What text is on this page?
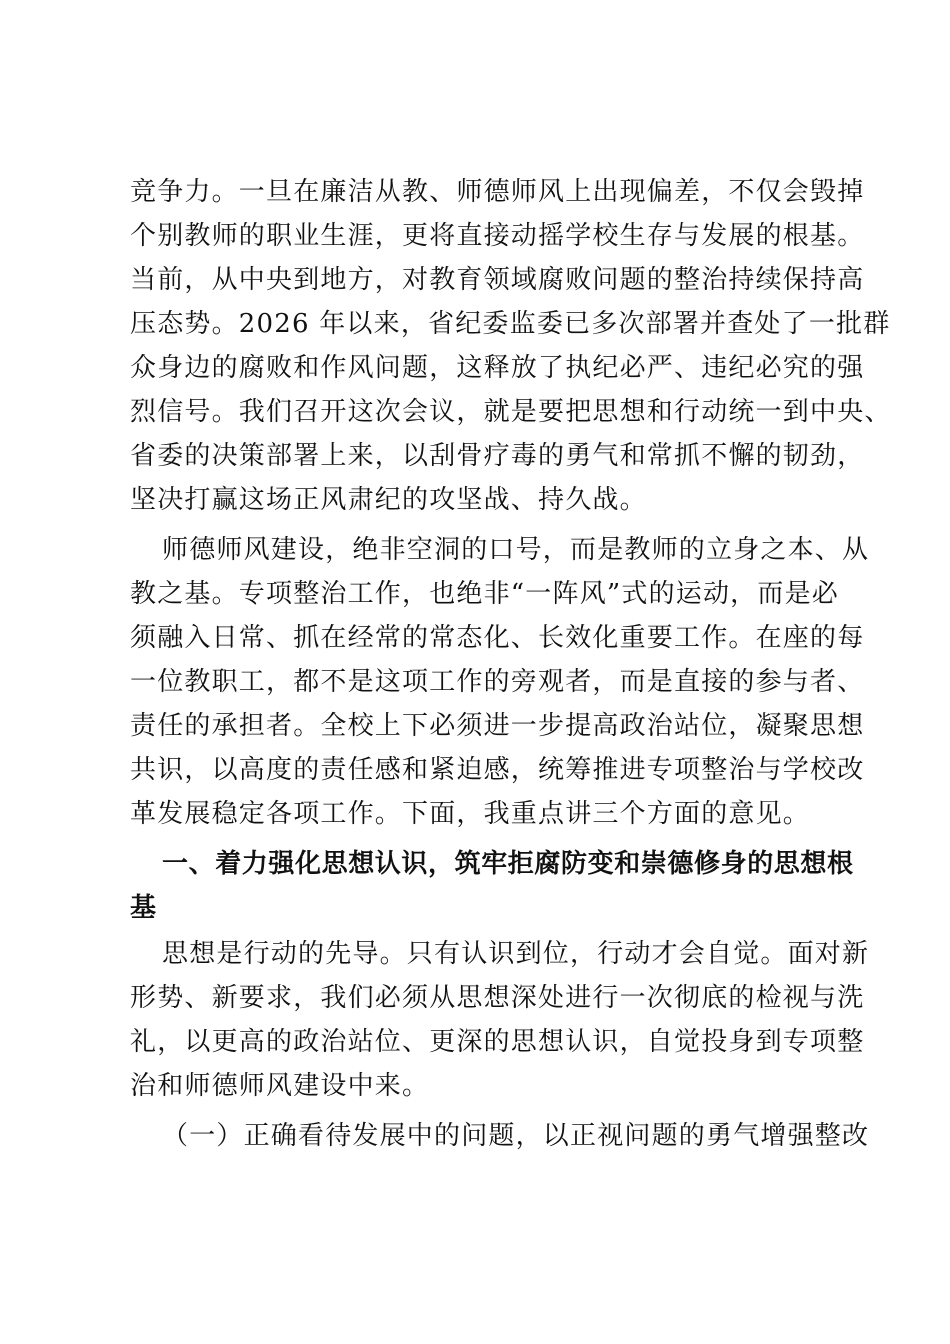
竞争力。一旦在廉洁从教、师德师风上出现偏差，不仅会毁掉
个别教师的职业生涯，更将直接动摇学校生存与发展的根基。
当前，从中央到地方，对教育领域腐败问题的整治持续保持高
压态势。2026 年以来，省纪委监委已多次部署并查处了一批群
众身边的腐败和作风问题，这释放了执纪必严、违纪必究的强
烈信号。我们召开这次会议，就是要把思想和行动统一到中央、
省委的决策部署上来，以刮骨疗毒的勇气和常抓不懈的韧劲，
坚决打赢这场正风肃纪的攻坚战、持久战。
师德师风建设，绝非空洞的口号，而是教师的立身之本、从
教之基。专项整治工作，也绝非“一阵风”式的运动，而是必
须融入日常、抓在经常的常态化、长效化重要工作。在座的每
一位教职工，都不是这项工作的旁观者，而是直接的参与者、
责任的承担者。全校上下必须进一步提高政治站位，凝聚思想
共识，以高度的责任感和紧迫感，统筹推进专项整治与学校改
革发展稳定各项工作。下面，我重点讲三个方面的意见。
一、着力强化思想认识，筑牢拒腐防变和崇德修身的思想根
基
思想是行动的先导。只有认识到位，行动才会自觉。面对新
形势、新要求，我们必须从思想深处进行一次彻底的检视与洗
礼，以更高的政治站位、更深的思想认识，自觉投身到专项整
治和师德师风建设中来。
（一）正确看待发展中的问题，以正视问题的勇气增强整改
